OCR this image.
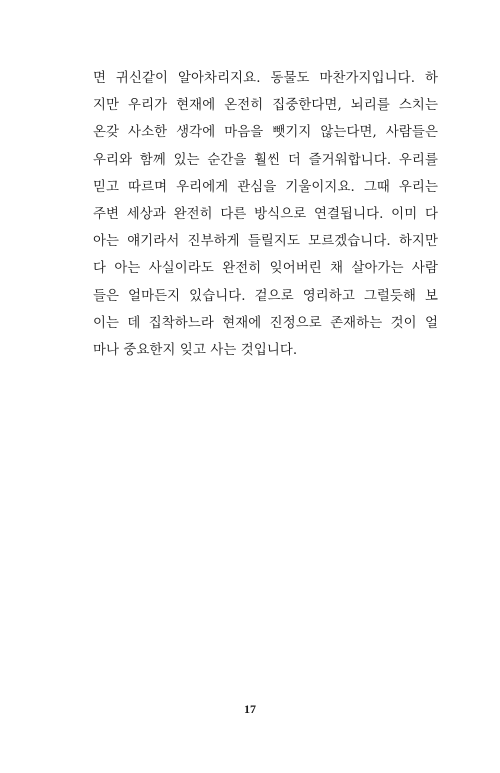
면 귀신같이 알아차리지요. 동물도 마찬가지입니다. 하
지만 우리가 현재에 온전히 집중한다면, 뇌리를 스치는
온갖 사소한 생각에 마음을 뺏기지 않는다면, 사람들은
우리와 함께 있는 순간을 훨씬 더 즐거워합니다. 우리를
믿고 따르며 우리에게 관심을 기울이지요. 그때 우리는
주변 세상과 완전히 다른 방식으로 연결됩니다. 이미 다
아는 얘기라서 진부하게 들릴지도 모르겠습니다. 하지만
다 아는 사실이라도 완전히 잊어버린 채 살아가는 사람
들은 얼마든지 있습니다. 겉으로 영리하고 그럴듯해 보
이는 데 집착하느라 현재에 진정으로 존재하는 것이 얼
마나 중요한지 잊고 사는 것입니다.
17
